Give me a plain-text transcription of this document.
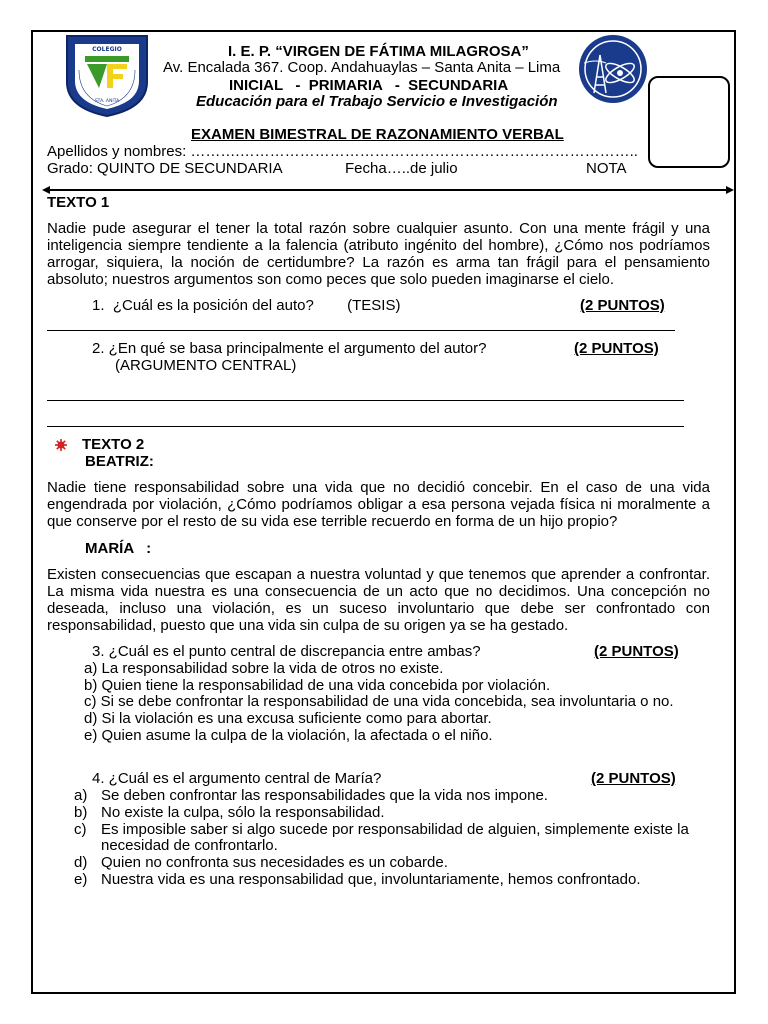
COLEGIO
STA. ANITA
I. E. P. “VIRGEN DE FÁTIMA MILAGROSA”
Av. Encalada 367. Coop. Andahuaylas – Santa Anita – Lima
INICIAL   -  PRIMARIA   -  SECUNDARIA
Educación para el Trabajo Servicio e Investigación
EXAMEN BIMESTRAL DE RAZONAMIENTO VERBAL
Apellidos y nombres: ……….……………………………………………………………………..
Grado: QUINTO DE SECUNDARIA	Fecha…..de julio	NOTA
TEXTO 1
Nadie pude asegurar el tener la total razón sobre cualquier asunto. Con una mente frágil y una inteligencia siempre tendiente a la falencia (atributo ingénito del hombre), ¿Cómo nos podríamos arrogar, siquiera, la noción de certidumbre? La razón es arma tan frágil para el pensamiento absoluto; nuestros argumentos son como peces que solo pueden imaginarse el cielo.
1.  ¿Cuál es la posición del auto?        (TESIS)	(2 PUNTOS)
2. ¿En qué se basa principalmente el argumento del autor?	(2 PUNTOS)
(ARGUMENTO CENTRAL)
TEXTO 2
BEATRIZ:
Nadie tiene responsabilidad sobre una vida que no decidió concebir. En el caso de una vida engendrada por violación, ¿Cómo podríamos obligar a esa persona vejada física ni moralmente a que conserve por el resto de su vida ese terrible recuerdo en forma de un hijo propio?
MARÍA   :
Existen consecuencias que escapan a nuestra voluntad y que tenemos que aprender a confrontar. La misma vida nuestra es una consecuencia de un acto que no decidimos. Una concepción no deseada, incluso una violación, es un suceso involuntario que debe ser confrontado con responsabilidad, puesto que una vida sin culpa de su origen ya se ha gestado.
3. ¿Cuál es el punto central de discrepancia entre ambas?	(2 PUNTOS)
a) La responsabilidad sobre la vida de otros no existe.
b) Quien tiene la responsabilidad de una vida concebida por violación.
c) Si se debe confrontar la responsabilidad de una vida concebida, sea involuntaria o no.
d) Si la violación es una excusa suficiente como para abortar.
e) Quien asume la culpa de la violación, la afectada o el niño.
4. ¿Cuál es el argumento central de María?	(2 PUNTOS)
a) Se deben confrontar las responsabilidades que la vida nos impone.
b) No existe la culpa, sólo la responsabilidad.
c) Es imposible saber si algo sucede por responsabilidad de alguien, simplemente existe la
necesidad de confrontarlo.
d) Quien no confronta sus necesidades es un cobarde.
e) Nuestra vida es una responsabilidad que, involuntariamente, hemos confrontado.
